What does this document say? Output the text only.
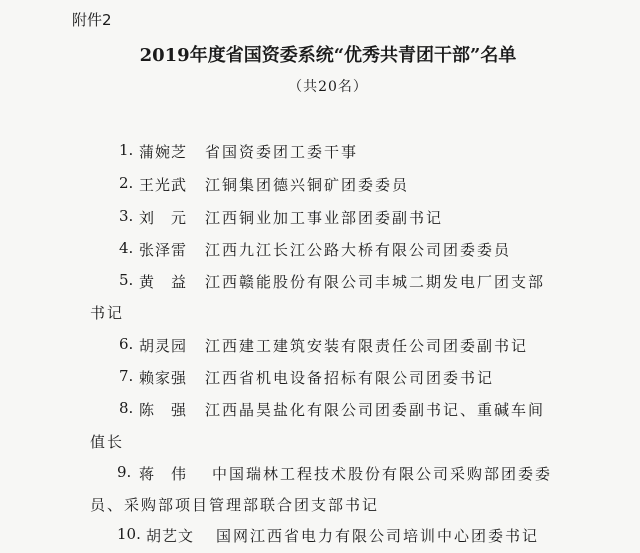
附件2
2019年度省国资委系统“优秀共青团干部”名单
（共20名）
1. 蒲婉芝 省国资委团工委干事
2. 王光武 江铜集团德兴铜矿团委委员
3. 刘　元 江西铜业加工事业部团委副书记
4. 张泽雷 江西九江长江公路大桥有限公司团委委员
5. 黄　益 江西赣能股份有限公司丰城二期发电厂团支部
书记
6. 胡灵园 江西建工建筑安装有限责任公司团委副书记
7. 赖家强 江西省机电设备招标有限公司团委书记
8. 陈　强 江西晶昊盐化有限公司团委副书记、重碱车间
值长
9. 蒋　伟 中国瑞林工程技术股份有限公司采购部团委委
员、采购部项目管理部联合团支部书记
10. 胡艺文 国网江西省电力有限公司培训中心团委书记
